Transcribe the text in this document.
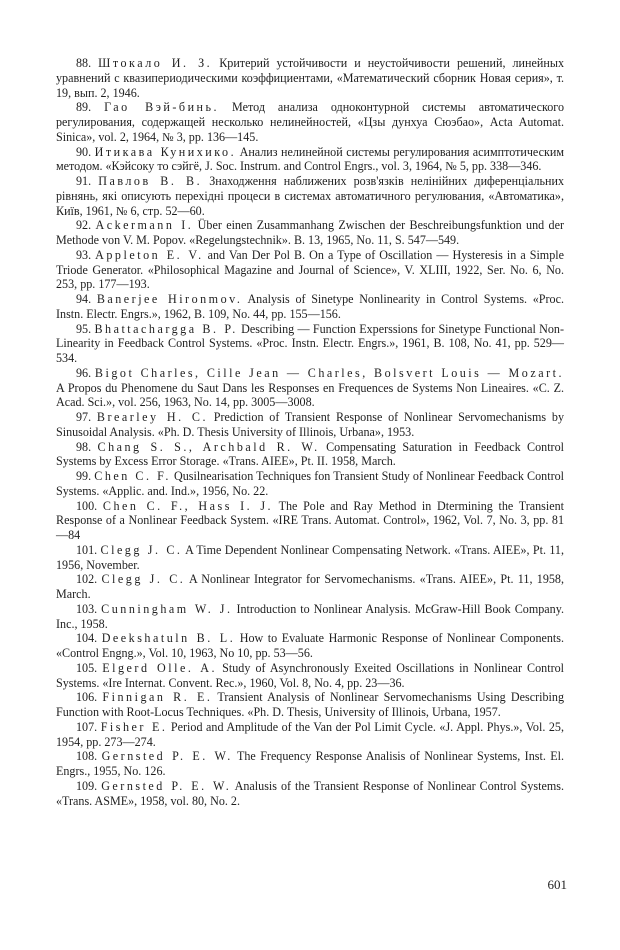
88. Штокало И. З. Критерий устойчивости и неустойчивости решений, линейных уравнений с квазипериодическими коэффициентами, «Математический сборник Новая серия», т. 19, вып. 2, 1946.

89. Гао Вэй-бинь. Метод анализа одноконтурной системы автоматического регулирования, содержащей несколько нелинейностей, «Цзы дунхуа Сюэбао», Acta Automat. Sinica», vol. 2, 1964, № 3, pp. 136—145.

90. Итикава Кунихико. Анализ нелинейной системы регулирования асимптотическим методом. «Кэйсоку то сэйгё, J. Soc. Instrum. and Control Engrs., vol. 3, 1964, № 5, pp. 338—346.

91. Павлов В. В. Знаходження наближених розв'язків нелінійних диференціальних рівнянь, які описують перехідні процеси в системах автоматичного регулювания, «Автоматика», Київ, 1961, № 6, стр. 52—60.

92. Ackermann I. Über einen Zusammanhang Zwischen der Beschreibungsfunktion und der Methode von V. M. Popov. «Regelungstechnik». B. 13, 1965, No. 11, S. 547—549.

93. Appleton E. V. and Van Der Pol B. On a Type of Oscillation — Hysteresis in a Simple Triode Generator. «Philosophical Magazine and Journal of Science», V. XLIII, 1922, Ser. No. 6, No. 253, pp. 177—193.

94. Banerjee Hironmov. Analysis of Sinetype Nonlinearity in Control Systems. «Proc. Instn. Electr. Engrs.», 1962, B. 109, No. 44, pp. 155—156.

95. Bhattachargga B. P. Describing — Function Experssions for Sinetype Functional Non-Linearity in Feedback Control Systems. «Proc. Instn. Electr. Engrs.», 1961, B. 108, No. 41, pp. 529—534.

96. Bigot Charles, Cille Jean — Charles, Bolsvert Louis — Mozart. A Propos du Phenomene du Saut Dans les Responses en Frequences de Systems Non Lineaires. «C. Z. Acad. Sci.», vol. 256, 1963, No. 14, pp. 3005—3008.

97. Brearley H. C. Prediction of Transient Response of Nonlinear Servomechanisms by Sinusoidal Analysis. «Ph. D. Thesis University of Illinois, Urbana», 1953.

98. Chang S. S., Archbald R. W. Compensating Saturation in Feedback Control Systems by Excess Error Storage. «Trans. AIEE», Pt. II. 1958, March.

99. Chen C. F. Qusilnearisation Techniques fon Transient Study of Nonlinear Feedback Control Systems. «Applic. and. Ind.», 1956, No. 22.

100. Chen C. F., Hass I. J. The Pole and Ray Method in Dtermining the Transient Response of a Nonlinear Feedback System. «IRE Trans. Automat. Control», 1962, Vol. 7, No. 3, pp. 81—84

101. Clegg J. C. A Time Dependent Nonlinear Compensating Network. «Trans. AIEE», Pt. 11, 1956, November.

102. Clegg J. C. A Nonlinear Integrator for Servomechanisms. «Trans. AIEE», Pt. 11, 1958, March.

103. Cunningham W. J. Introduction to Nonlinear Analysis. McGraw-Hill Book Company. Inc., 1958.

104. Deekshatuln B. L. How to Evaluate Harmonic Response of Nonlinear Components. «Control Engng.», Vol. 10, 1963, No 10, pp. 53—56.

105. Elgerd Olle. A. Study of Asynchronously Exeited Oscillations in Nonlinear Control Systems. «Ire Internat. Convent. Rec.», 1960, Vol. 8, No. 4, pp. 23—36.

106. Finnigan R. E. Transient Analysis of Nonlinear Servomechanisms Using Describing Function with Root-Locus Techniques. «Ph. D. Thesis, University of Illinois, Urbana, 1957.

107. Fisher E. Period and Amplitude of the Van der Pol Limit Cycle. «J. Appl. Phys.», Vol. 25, 1954, pp. 273—274.

108. Gernsted P. E. W. The Frequency Response Analisis of Nonlinear Systems, Inst. El. Engrs., 1955, No. 126.

109. Gernsted P. E. W. Analusis of the Transient Response of Nonlinear Control Systems. «Trans. ASME», 1958, vol. 80, No. 2.

601
